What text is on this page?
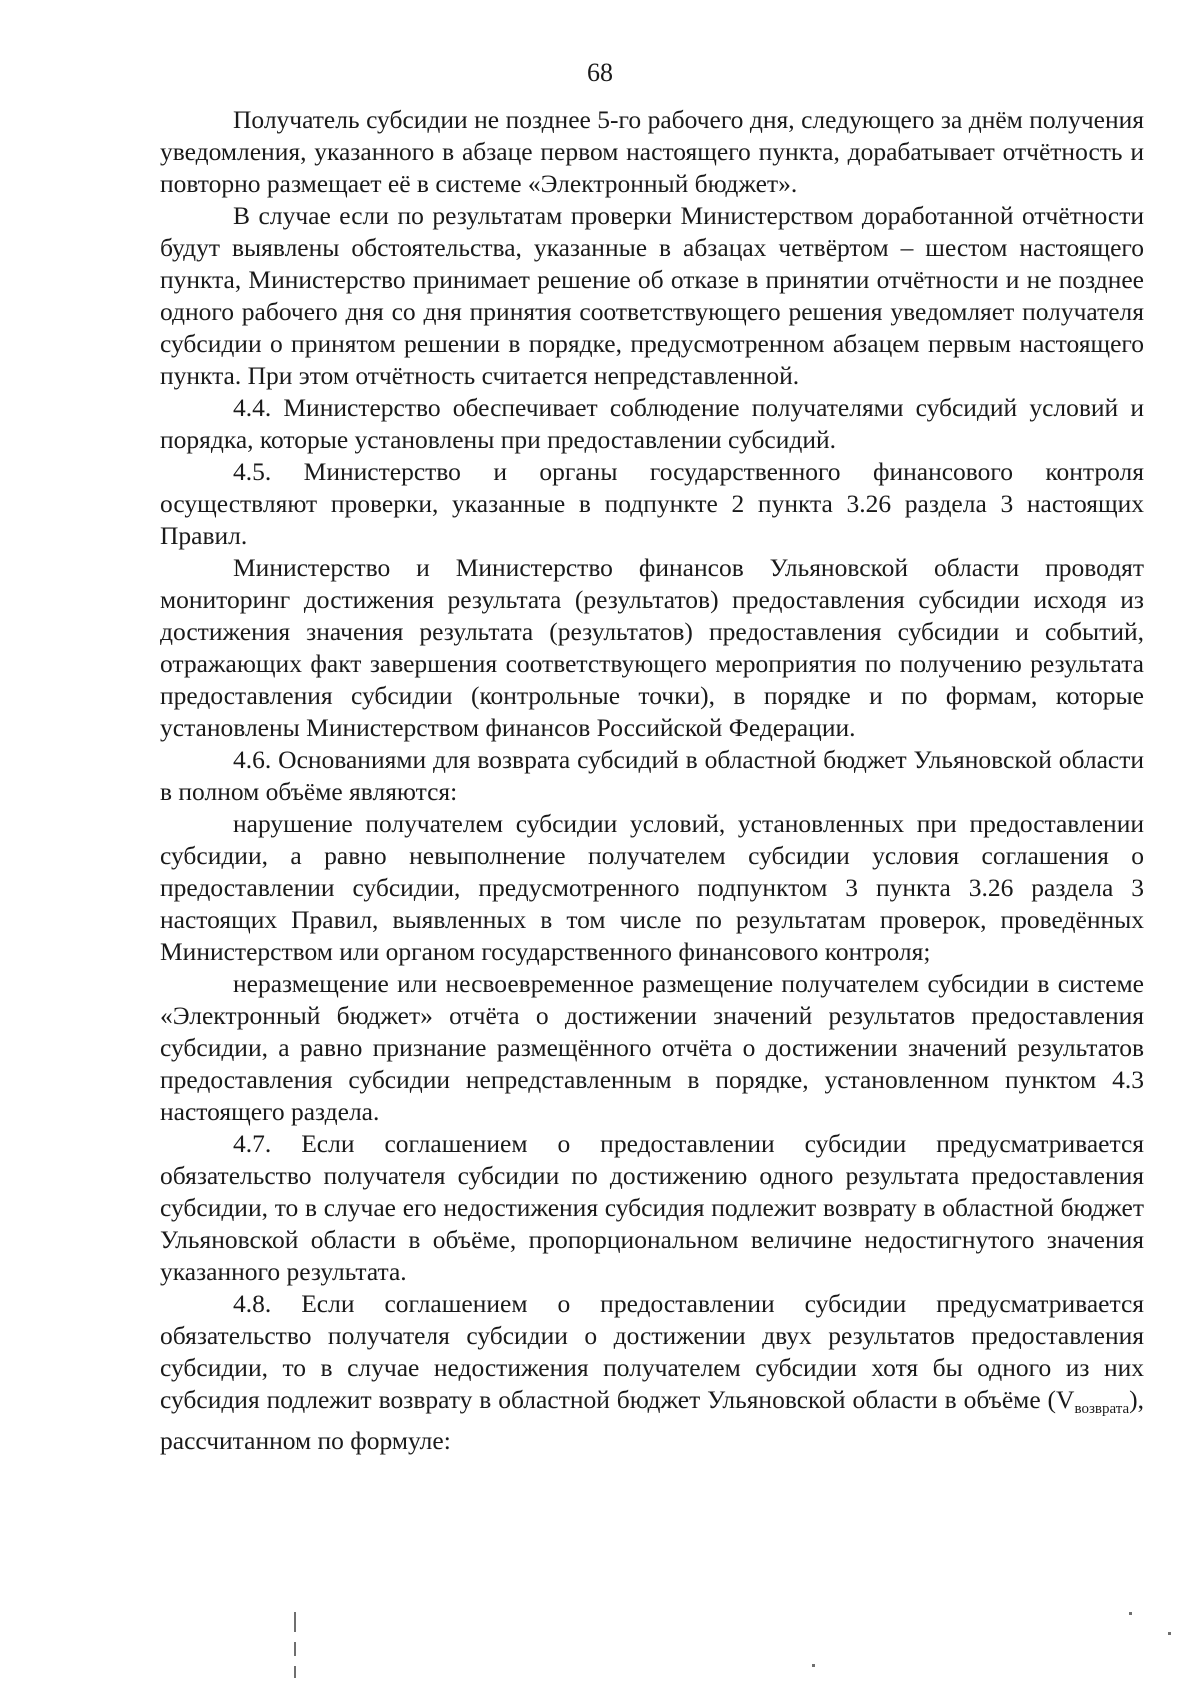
68

Получатель субсидии не позднее 5-го рабочего дня, следующего за днём получения уведомления, указанного в абзаце первом настоящего пункта, дорабатывает отчётность и повторно размещает её в системе «Электронный бюджет».

В случае если по результатам проверки Министерством доработанной отчётности будут выявлены обстоятельства, указанные в абзацах четвёртом – шестом настоящего пункта, Министерство принимает решение об отказе в принятии отчётности и не позднее одного рабочего дня со дня принятия соответствующего решения уведомляет получателя субсидии о принятом решении в порядке, предусмотренном абзацем первым настоящего пункта. При этом отчётность считается непредставленной.

4.4. Министерство обеспечивает соблюдение получателями субсидий условий и порядка, которые установлены при предоставлении субсидий.

4.5. Министерство и органы государственного финансового контроля осуществляют проверки, указанные в подпункте 2 пункта 3.26 раздела 3 настоящих Правил.

Министерство и Министерство финансов Ульяновской области проводят мониторинг достижения результата (результатов) предоставления субсидии исходя из достижения значения результата (результатов) предоставления субсидии и событий, отражающих факт завершения соответствующего мероприятия по получению результата предоставления субсидии (контрольные точки), в порядке и по формам, которые установлены Министерством финансов Российской Федерации.

4.6. Основаниями для возврата субсидий в областной бюджет Ульяновской области в полном объёме являются:

нарушение получателем субсидии условий, установленных при предоставлении субсидии, а равно невыполнение получателем субсидии условия соглашения о предоставлении субсидии, предусмотренного подпунктом 3 пункта 3.26 раздела 3 настоящих Правил, выявленных в том числе по результатам проверок, проведённых Министерством или органом государственного финансового контроля;

неразмещение или несвоевременное размещение получателем субсидии в системе «Электронный бюджет» отчёта о достижении значений результатов предоставления субсидии, а равно признание размещённого отчёта о достижении значений результатов предоставления субсидии непредставленным в порядке, установленном пунктом 4.3 настоящего раздела.

4.7. Если соглашением о предоставлении субсидии предусматривается обязательство получателя субсидии по достижению одного результата предоставления субсидии, то в случае его недостижения субсидия подлежит возврату в областной бюджет Ульяновской области в объёме, пропорциональном величине недостигнутого значения указанного результата.

4.8. Если соглашением о предоставлении субсидии предусматривается обязательство получателя субсидии о достижении двух результатов предоставления субсидии, то в случае недостижения получателем субсидии хотя бы одного из них субсидия подлежит возврату в областной бюджет Ульяновской области в объёме $(V_{возврата})$, рассчитанном по формуле:
